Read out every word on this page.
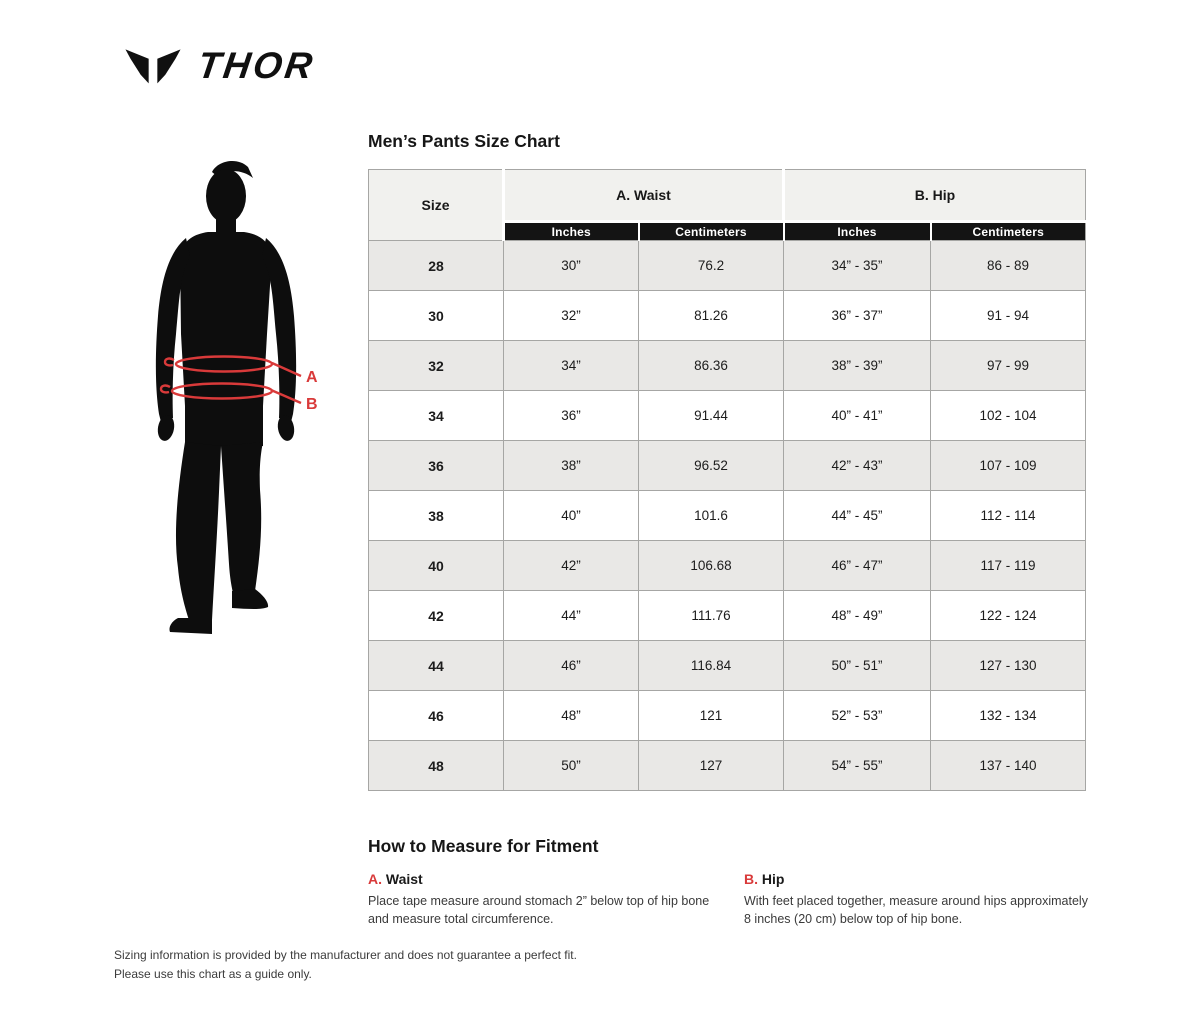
THOR
A
B
Men’s Pants Size Chart
Size	A. Waist		B. Hip	
	Inches	Centimeters	Inches	Centimeters
28	30”	76.2	34” - 35”	86 - 89
30	32”	81.26	36” - 37”	91 - 94
32	34”	86.36	38” - 39”	97 - 99
34	36”	91.44	40” - 41”	102 - 104
36	38”	96.52	42” - 43”	107 - 109
38	40”	101.6	44” - 45”	112 - 114
40	42”	106.68	46” - 47”	117 - 119
42	44”	111.76	48” - 49”	122 - 124
44	46”	116.84	50” - 51”	127 - 130
46	48”	121	52” - 53”	132 - 134
48	50”	127	54” - 55”	137 - 140
How to Measure for Fitment
A. Waist

Place tape measure around stomach 2” below top of hip bone and measure total circumference.

B. Hip

With feet placed together, measure around hips approximately 8 inches (20 cm) below top of hip bone.

Sizing information is provided by the manufacturer and does not guarantee a perfect fit.
Please use this chart as a guide only.
